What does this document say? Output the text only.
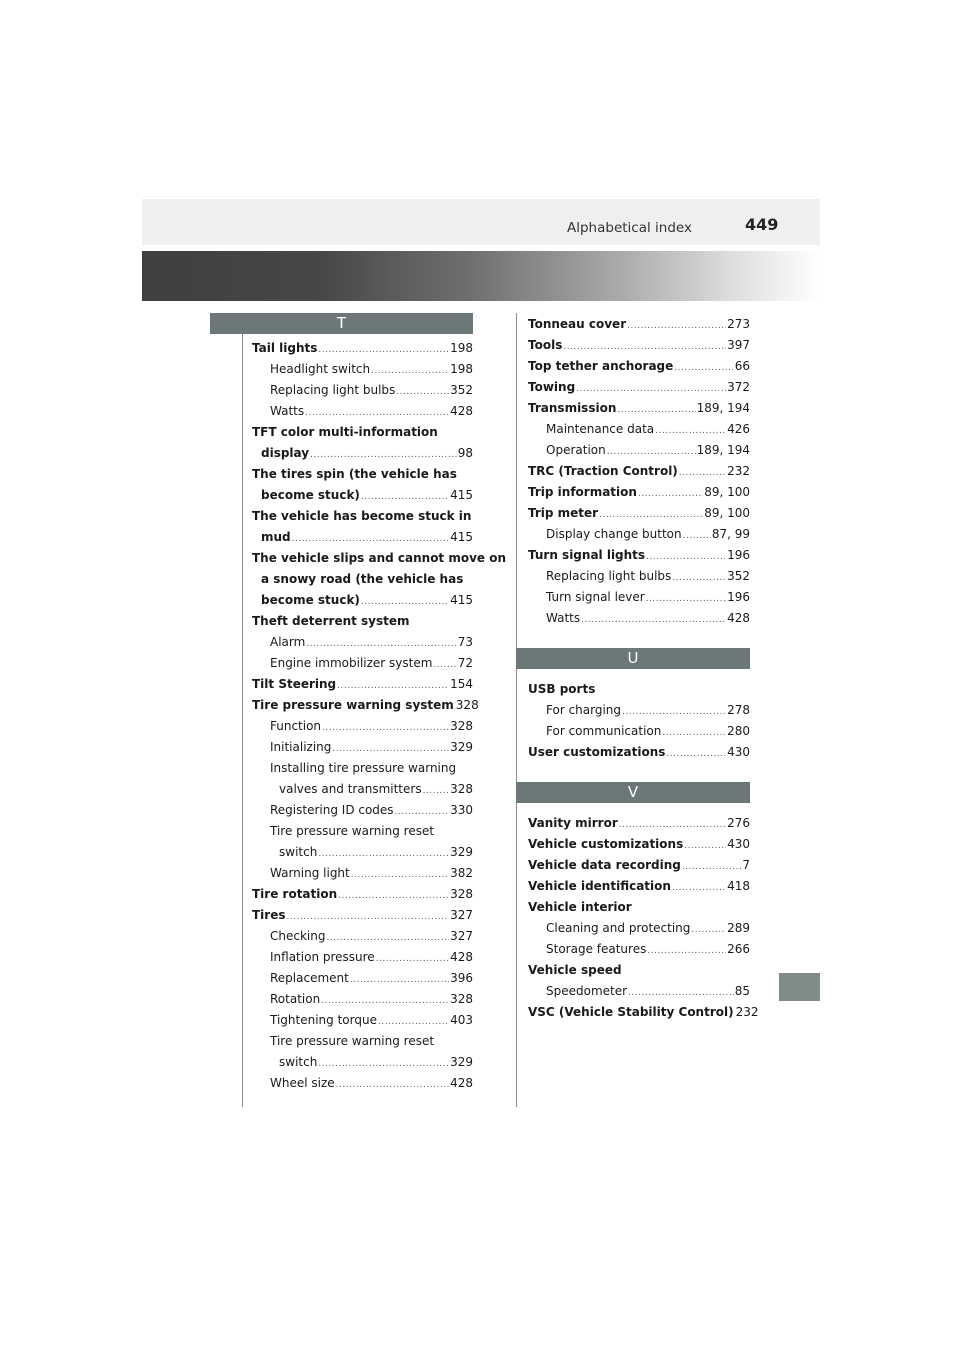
Alphabetical index	449
T
Tail lights .....	198
Headlight switch .....	198
Replacing light bulbs .....	352
Watts .....	428
TFT color multi-information
display .....	98
The tires spin (the vehicle has
become stuck) .....	415
The vehicle has become stuck in
mud .....	415
The vehicle slips and cannot move on
a snowy road (the vehicle has
become stuck) .....	415
Theft deterrent system
Alarm .....	73
Engine immobilizer system ..... 72
Tilt Steering .....	154
Tire pressure warning system 328
Function .....	328
Initializing .....	329
Installing tire pressure warning
valves and transmitters ..... 328
Registering ID codes .....	330
Tire pressure warning reset
switch .....	329
Warning light .....	382
Tire rotation .....	328
Tires .....	327
Checking .....	327
Inflation pressure .....	428
Replacement .....	396
Rotation .....	328
Tightening torque .....	403
Tire pressure warning reset
switch .....	329
Wheel size .....	428
Tonneau cover .....	273
Tools .....	397
Top tether anchorage .....	66
Towing .....	372
Transmission .....	189, 194
Maintenance data .....	426
Operation .....	189, 194
TRC (Traction Control) .....	232
Trip information .....	89, 100
Trip meter .....	89, 100
Display change button .....	87, 99
Turn signal lights .....	196
Replacing light bulbs .....	352
Turn signal lever .....	196
Watts .....	428
U
USB ports
For charging .....	278
For communication .....	280
User customizations .....	430
V
Vanity mirror .....	276
Vehicle customizations .....	430
Vehicle data recording .....	7
Vehicle identification .....	418
Vehicle interior
Cleaning and protecting .....	289
Storage features .....	266
Vehicle speed
Speedometer .....	85
VSC (Vehicle Stability Control) 232
